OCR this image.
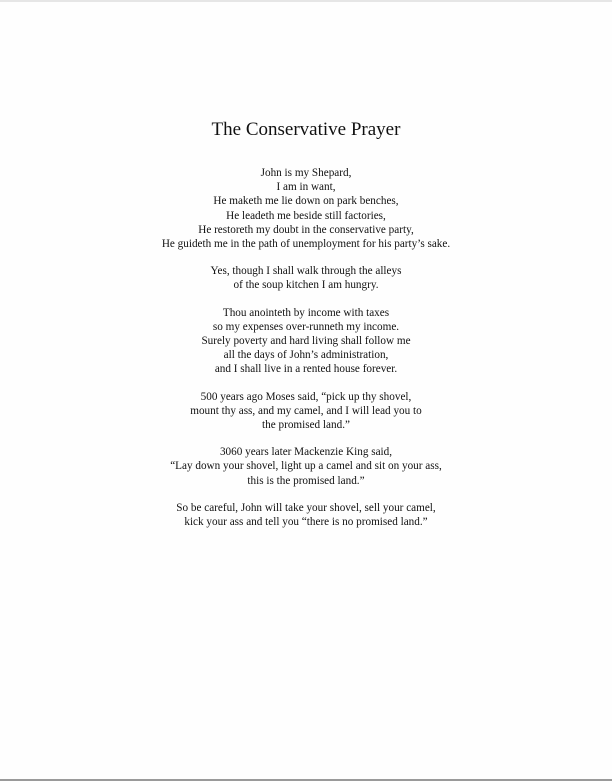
The Conservative Prayer
John is my Shepard,
I am in want,
He maketh me lie down on park benches,
He leadeth me beside still factories,
He restoreth my doubt in the conservative party,
He guideth me in the path of unemployment for his party’s sake.
Yes, though I shall walk through the alleys
of the soup kitchen I am hungry.
Thou anointeth by income with taxes
so my expenses over-runneth my income.
Surely poverty and hard living shall follow me
all the days of John’s administration,
and I shall live in a rented house forever.
500 years ago Moses said, “pick up thy shovel,
mount thy ass, and my camel, and I will lead you to
the promised land.”
3060 years later Mackenzie King said,
“Lay down your shovel, light up a camel and sit on your ass,
this is the promised land.”
So be careful, John will take your shovel, sell your camel,
kick your ass and tell you “there is no promised land.”
